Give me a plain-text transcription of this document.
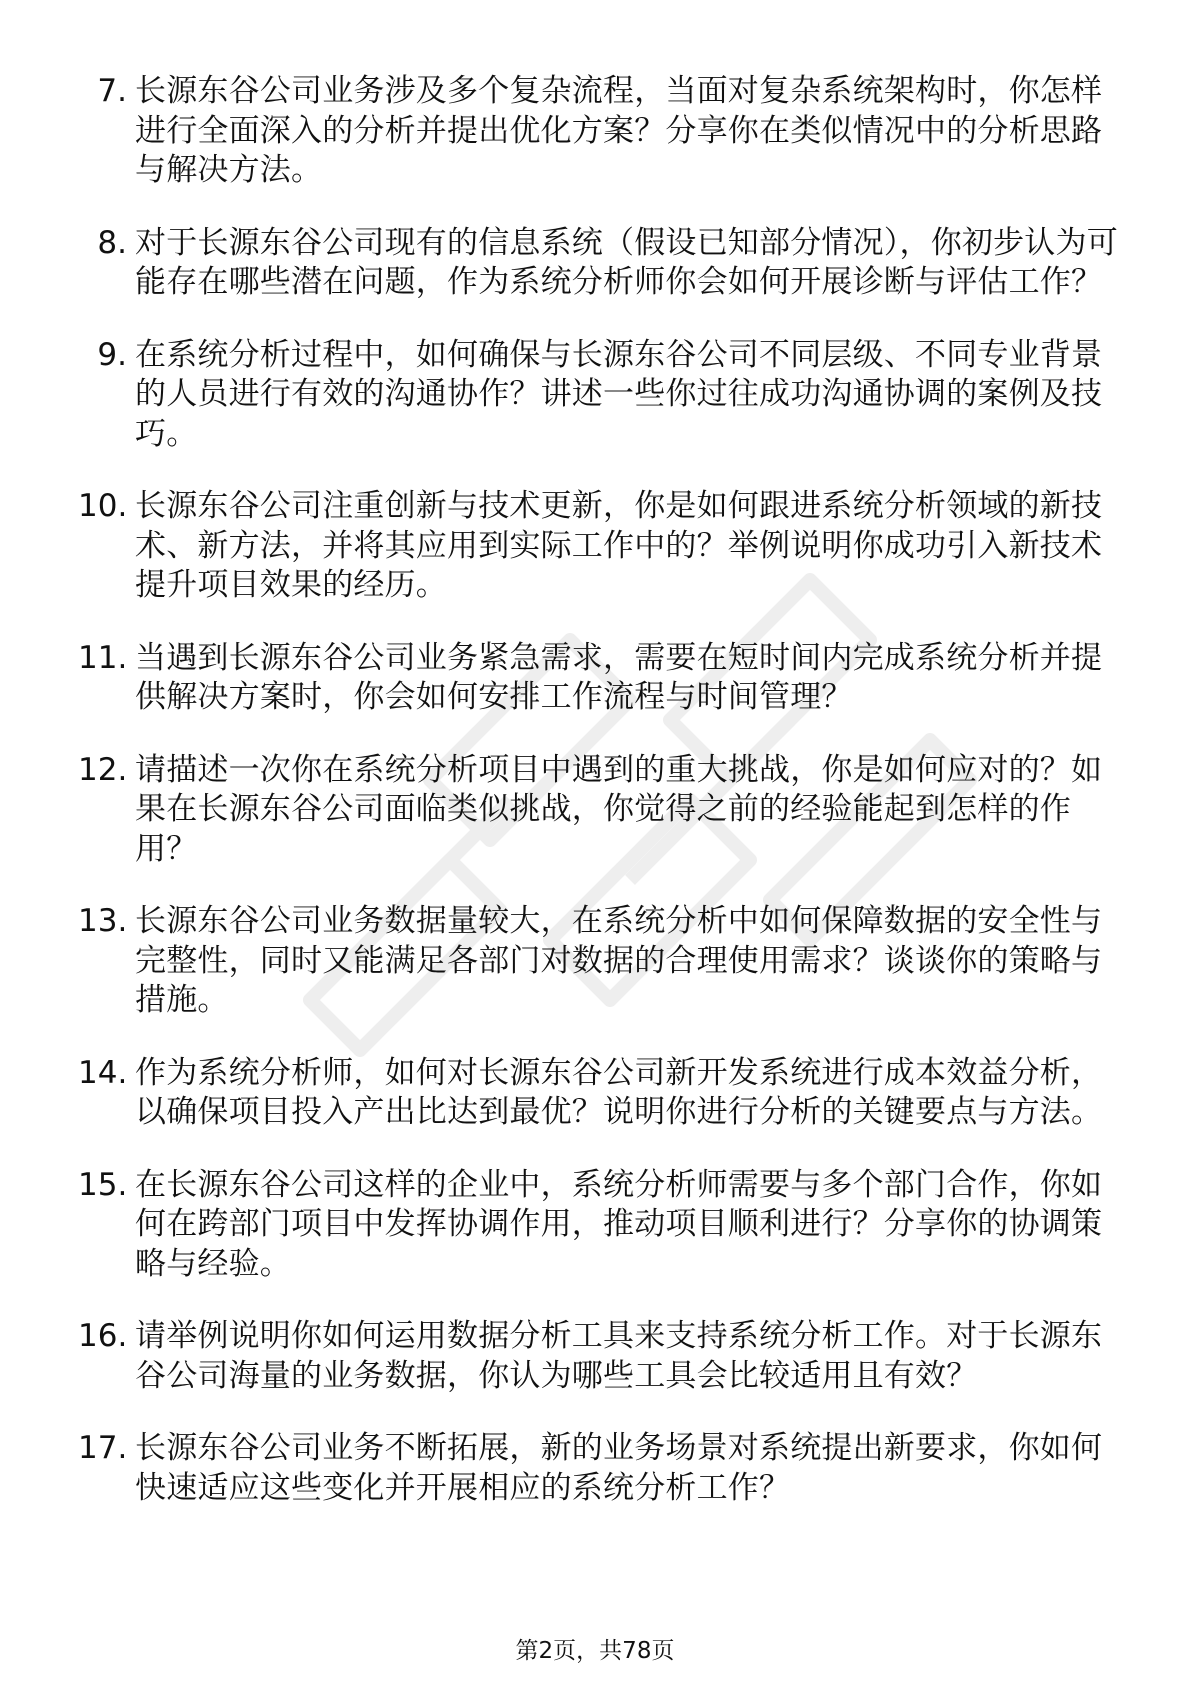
7. 长源东谷公司业务涉及多个复杂流程，当面对复杂系统架构时，你怎样进行全面深入的分析并提出优化方案？分享你在类似情况中的分析思路与解决方法。
8. 对于长源东谷公司现有的信息系统（假设已知部分情况），你初步认为可能存在哪些潜在问题，作为系统分析师你会如何开展诊断与评估工作？
9. 在系统分析过程中，如何确保与长源东谷公司不同层级、不同专业背景的人员进行有效的沟通协作？讲述一些你过往成功沟通协调的案例及技巧。
10. 长源东谷公司注重创新与技术更新，你是如何跟进系统分析领域的新技术、新方法，并将其应用到实际工作中的？举例说明你成功引入新技术提升项目效果的经历。
11. 当遇到长源东谷公司业务紧急需求，需要在短时间内完成系统分析并提供解决方案时，你会如何安排工作流程与时间管理？
12. 请描述一次你在系统分析项目中遇到的重大挑战，你是如何应对的？如果在长源东谷公司面临类似挑战，你觉得之前的经验能起到怎样的作用？
13. 长源东谷公司业务数据量较大，在系统分析中如何保障数据的安全性与完整性，同时又能满足各部门对数据的合理使用需求？谈谈你的策略与措施。
14. 作为系统分析师，如何对长源东谷公司新开发系统进行成本效益分析，以确保项目投入产出比达到最优？说明你进行分析的关键要点与方法。
15. 在长源东谷公司这样的企业中，系统分析师需要与多个部门合作，你如何在跨部门项目中发挥协调作用，推动项目顺利进行？分享你的协调策略与经验。
16. 请举例说明你如何运用数据分析工具来支持系统分析工作。对于长源东谷公司海量的业务数据，你认为哪些工具会比较适用且有效？
17. 长源东谷公司业务不断拓展，新的业务场景对系统提出新要求，你如何快速适应这些变化并开展相应的系统分析工作？
第2页，共78页
